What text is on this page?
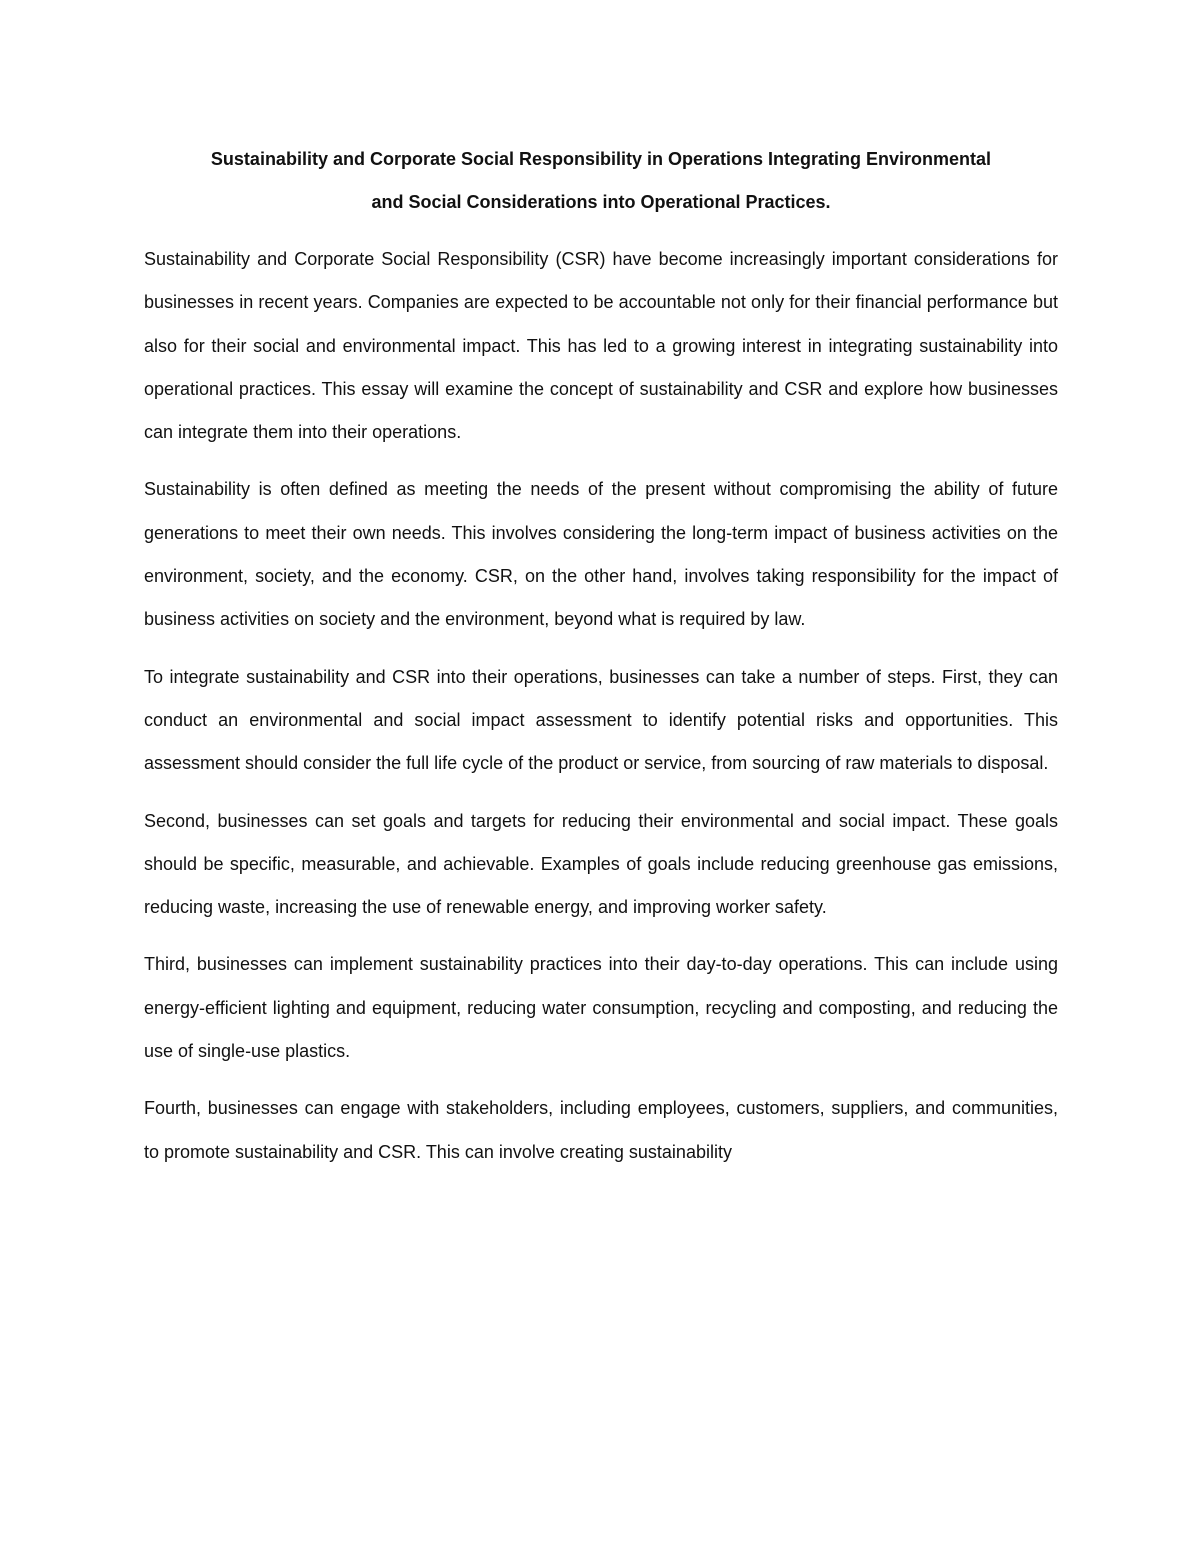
Sustainability and Corporate Social Responsibility in Operations Integrating Environmental
and Social Considerations into Operational Practices.

Sustainability and Corporate Social Responsibility (CSR) have become increasingly important considerations for businesses in recent years. Companies are expected to be accountable not only for their financial performance but also for their social and environmental impact. This has led to a growing interest in integrating sustainability into operational practices. This essay will examine the concept of sustainability and CSR and explore how businesses can integrate them into their operations.

Sustainability is often defined as meeting the needs of the present without compromising the ability of future generations to meet their own needs. This involves considering the long-term impact of business activities on the environment, society, and the economy. CSR, on the other hand, involves taking responsibility for the impact of business activities on society and the environment, beyond what is required by law.

To integrate sustainability and CSR into their operations, businesses can take a number of steps. First, they can conduct an environmental and social impact assessment to identify potential risks and opportunities. This assessment should consider the full life cycle of the product or service, from sourcing of raw materials to disposal.

Second, businesses can set goals and targets for reducing their environmental and social impact. These goals should be specific, measurable, and achievable. Examples of goals include reducing greenhouse gas emissions, reducing waste, increasing the use of renewable energy, and improving worker safety.

Third, businesses can implement sustainability practices into their day-to-day operations. This can include using energy-efficient lighting and equipment, reducing water consumption, recycling and composting, and reducing the use of single-use plastics.

Fourth, businesses can engage with stakeholders, including employees, customers, suppliers, and communities, to promote sustainability and CSR. This can involve creating sustainability
